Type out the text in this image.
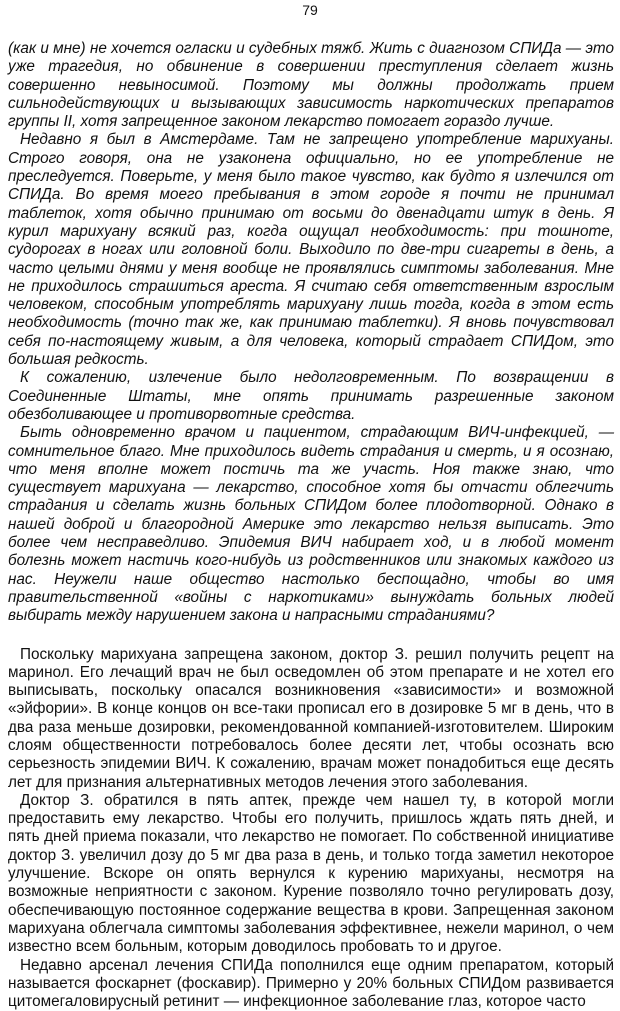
79

(как и мне) не хочется огласки и судебных тяжб. Жить с диагнозом СПИДа — это уже трагедия, но обвинение в совершении преступления сделает жизнь совершенно невыносимой. Поэтому мы должны продолжать прием сильнодействующих и вызывающих зависимость наркотических препаратов группы II, хотя запрещенное законом лекарство помогает гораздо лучше.

Недавно я был в Амстердаме. Там не запрещено употребление марихуаны. Строго говоря, она не узаконена официально, но ее употребление не преследуется. Поверьте, у меня было такое чувство, как будто я излечился от СПИДа. Во время моего пребывания в этом городе я почти не принимал таблеток, хотя обычно принимаю от восьми до двенадцати штук в день. Я курил марихуану всякий раз, когда ощущал необходимость: при тошноте, судорогах в ногах или головной боли. Выходило по две-три сигареты в день, а часто целыми днями у меня вообще не проявлялись симптомы заболевания. Мне не приходилось страшиться ареста. Я считаю себя ответственным взрослым человеком, способным употреблять марихуану лишь тогда, когда в этом есть необходимость (точно так же, как принимаю таблетки). Я вновь почувствовал себя по-настоящему живым, а для человека, который страдает СПИДом, это большая редкость.

К сожалению, излечение было недолговременным. По возвращении в Соединенные Штаты, мне опять принимать разрешенные законом обезболивающее и противорвотные средства.

Быть одновременно врачом и пациентом, страдающим ВИЧ-инфекцией, — сомнительное благо. Мне приходилось видеть страдания и смерть, и я осознаю, что меня вполне может постичь та же участь. Ноя также знаю, что существует марихуана — лекарство, способное хотя бы отчасти облегчить страдания и сделать жизнь больных СПИДом более плодотворной. Однако в нашей доброй и благородной Америке это лекарство нельзя выписать. Это более чем несправедливо. Эпидемия ВИЧ набирает ход, и в любой момент болезнь может настичь кого-нибудь из родственников или знакомых каждого из нас. Неужели наше общество настолько беспощадно, чтобы во имя правительственной «войны с наркотиками» вынуждать больных людей выбирать между нарушением закона и напрасными страданиями?

Поскольку марихуана запрещена законом, доктор З. решил получить рецепт на маринол. Его лечащий врач не был осведомлен об этом препарате и не хотел его выписывать, поскольку опасался возникновения «зависимости» и возможной «эйфории». В конце концов он все-таки прописал его в дозировке 5 мг в день, что в два раза меньше дозировки, рекомендованной компанией-изготовителем. Широким слоям общественности потребовалось более десяти лет, чтобы осознать всю серьезность эпидемии ВИЧ. К сожалению, врачам может понадобиться еще десять лет для признания альтернативных методов лечения этого заболевания.

Доктор З. обратился в пять аптек, прежде чем нашел ту, в которой могли предоставить ему лекарство. Чтобы его получить, пришлось ждать пять дней, и пять дней приема показали, что лекарство не помогает. По собственной инициативе доктор З. увеличил дозу до 5 мг два раза в день, и только тогда заметил некоторое улучшение. Вскоре он опять вернулся к курению марихуаны, несмотря на возможные неприятности с законом. Курение позволяло точно регулировать дозу, обеспечивающую постоянное содержание вещества в крови. Запрещенная законом марихуана облегчала симптомы заболевания эффективнее, нежели маринол, о чем известно всем больным, которым доводилось пробовать то и другое.

Недавно арсенал лечения СПИДа пополнился еще одним препаратом, который называется фоскарнет (фоскавир). Примерно у 20% больных СПИДом развивается цитомегаловирусный ретинит — инфекционное заболевание глаз, которое часто
